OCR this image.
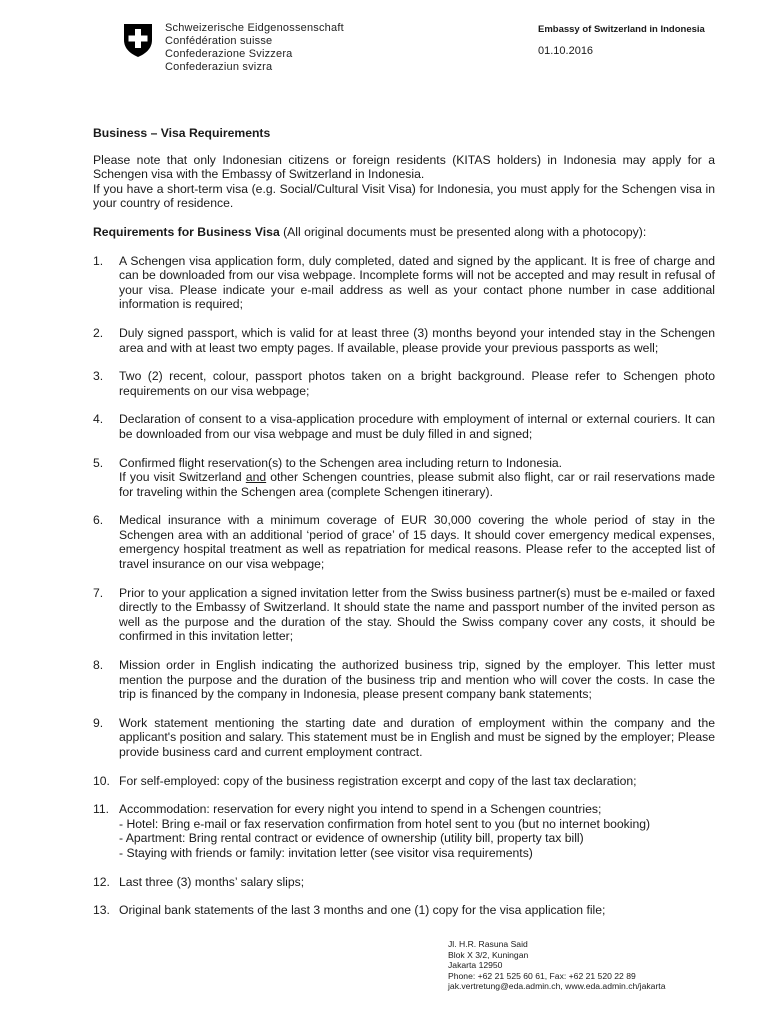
Schweizerische Eidgenossenschaft
Confédération suisse
Confederazione Svizzera
Confederaziun svizra
Embassy of Switzerland in Indonesia
01.10.2016
Business – Visa Requirements

Please note that only Indonesian citizens or foreign residents (KITAS holders) in Indonesia may apply for a Schengen visa with the Embassy of Switzerland in Indonesia.

If you have a short-term visa (e.g. Social/Cultural Visit Visa) for Indonesia, you must apply for the Schengen visa in your country of residence.

Requirements for Business Visa (All original documents must be presented along with a photocopy):
1.	A Schengen visa application form, duly completed, dated and signed by the applicant. It is free of charge and can be downloaded from our visa webpage. Incomplete forms will not be accepted and may result in refusal of your visa. Please indicate your e-mail address as well as your contact phone number in case additional information is required;
2.	Duly signed passport, which is valid for at least three (3) months beyond your intended stay in the Schengen area and with at least two empty pages. If available, please provide your previous passports as well;
3.	Two (2) recent, colour, passport photos taken on a bright background. Please refer to Schengen photo requirements on our visa webpage;
4.	Declaration of consent to a visa-application procedure with employment of internal or external couriers. It can be downloaded from our visa webpage and must be duly filled in and signed;
5.	Confirmed flight reservation(s) to the Schengen area including return to Indonesia.
If you visit Switzerland and other Schengen countries, please submit also flight, car or rail reservations made for traveling within the Schengen area (complete Schengen itinerary).
6.	Medical insurance with a minimum coverage of EUR 30,000 covering the whole period of stay in the Schengen area with an additional ‘period of grace’ of 15 days. It should cover emergency medical expenses, emergency hospital treatment as well as repatriation for medical reasons. Please refer to the accepted list of travel insurance on our visa webpage;
7.	Prior to your application a signed invitation letter from the Swiss business partner(s) must be e-mailed or faxed directly to the Embassy of Switzerland. It should state the name and passport number of the invited person as well as the purpose and the duration of the stay. Should the Swiss company cover any costs, it should be confirmed in this invitation letter;
8.	Mission order in English indicating the authorized business trip, signed by the employer. This letter must mention the purpose and the duration of the business trip and mention who will cover the costs. In case the trip is financed by the company in Indonesia, please present company bank statements;
9.	Work statement mentioning the starting date and duration of employment within the company and the applicant's position and salary. This statement must be in English and must be signed by the employer; Please provide business card and current employment contract.
10. For self-employed: copy of the business registration excerpt and copy of the last tax declaration;
11. Accommodation: reservation for every night you intend to spend in a Schengen countries;
- Hotel: Bring e-mail or fax reservation confirmation from hotel sent to you (but no internet booking)
- Apartment: Bring rental contract or evidence of ownership (utility bill, property tax bill)
- Staying with friends or family: invitation letter (see visitor visa requirements)
12. Last three (3) months’ salary slips;
13. Original bank statements of the last 3 months and one (1) copy for the visa application file;
Jl. H.R. Rasuna Said
Blok X 3/2, Kuningan
Jakarta 12950
Phone: +62 21 525 60 61, Fax: +62 21 520 22 89
jak.vertretung@eda.admin.ch, www.eda.admin.ch/jakarta
